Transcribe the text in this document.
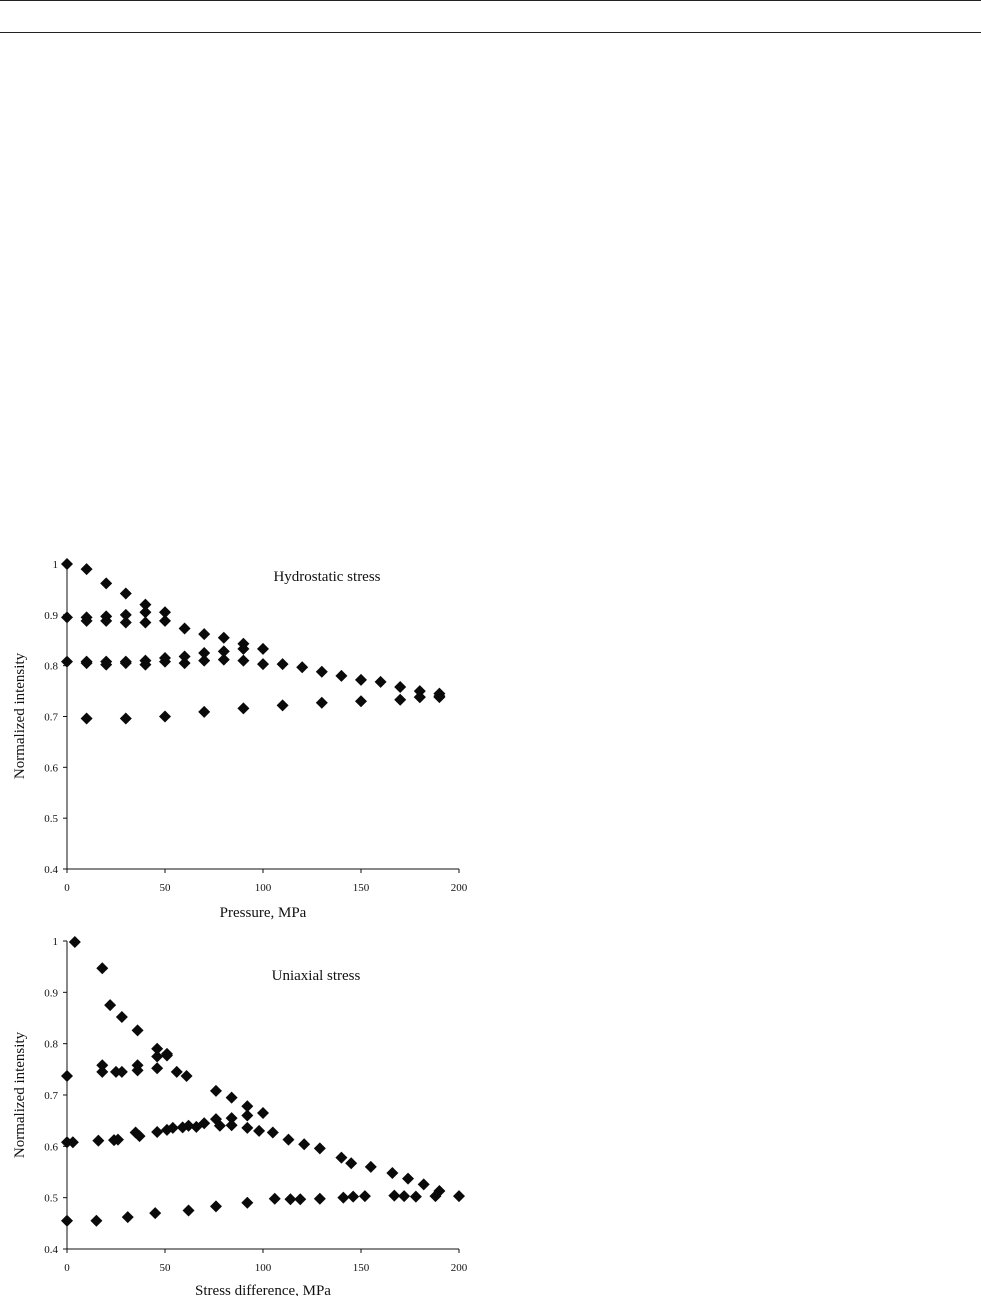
0.4
0.5
0.6
0.7
0.8
0.9
1
0	50	100	150	200
Hydrostatic stress
Pressure, MPa
Normalized intensity
0.4
0.5
0.6
0.7
0.8
0.9
1
0	50	100	150	200
Uniaxial stress
Stress difference, MPa
Normalized intensity
